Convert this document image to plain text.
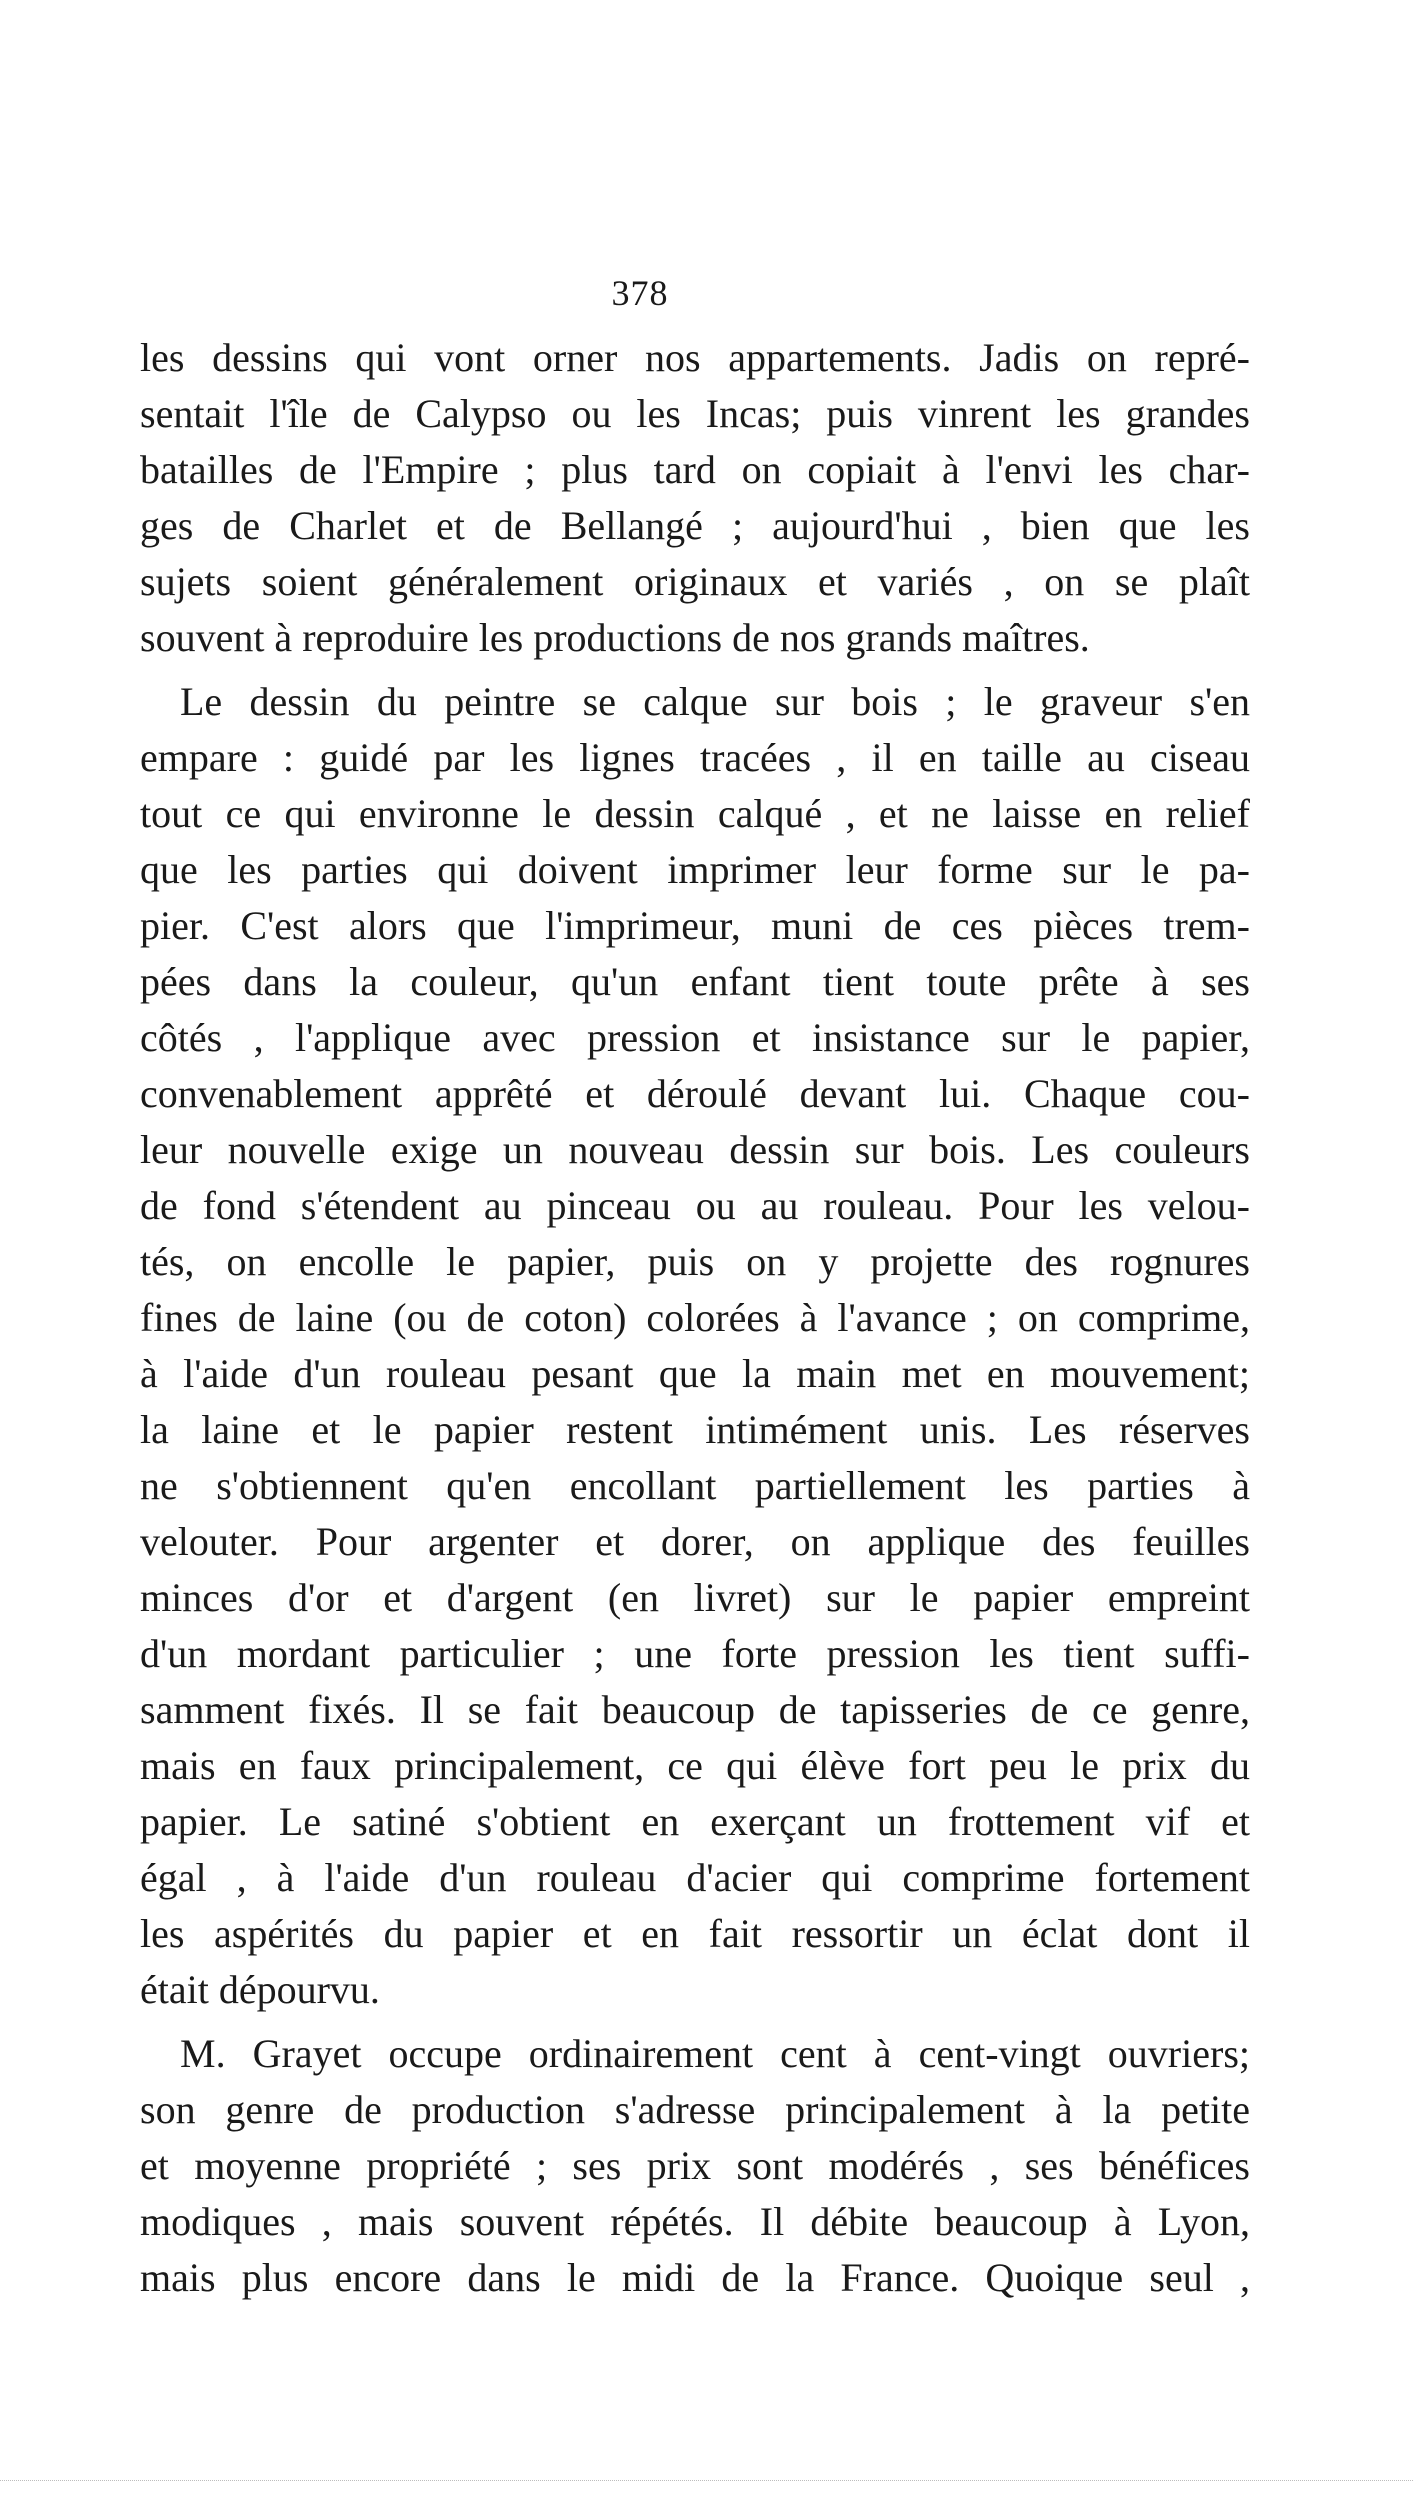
378
les dessins qui vont orner nos appartements. Jadis on repré-
sentait l'île de Calypso ou les Incas; puis vinrent les grandes
batailles de l'Empire ; plus tard on copiait à l'envi les char-
ges de Charlet et de Bellangé ; aujourd'hui , bien que les
sujets soient généralement originaux et variés , on se plaît
souvent à reproduire les productions de nos grands maîtres.
Le dessin du peintre se calque sur bois ; le graveur s'en
empare : guidé par les lignes tracées , il en taille au ciseau
tout ce qui environne le dessin calqué , et ne laisse en relief
que les parties qui doivent imprimer leur forme sur le pa-
pier. C'est alors que l'imprimeur, muni de ces pièces trem-
pées dans la couleur, qu'un enfant tient toute prête à ses
côtés , l'applique avec pression et insistance sur le papier,
convenablement apprêté et déroulé devant lui. Chaque cou-
leur nouvelle exige un nouveau dessin sur bois. Les couleurs
de fond s'étendent au pinceau ou au rouleau. Pour les velou-
tés, on encolle le papier, puis on y projette des rognures
fines de laine (ou de coton) colorées à l'avance ; on comprime,
à l'aide d'un rouleau pesant que la main met en mouvement;
la laine et le papier restent intimément unis. Les réserves
ne s'obtiennent qu'en encollant partiellement les parties à
velouter. Pour argenter et dorer, on applique des feuilles
minces d'or et d'argent (en livret) sur le papier empreint
d'un mordant particulier ; une forte pression les tient suffi-
samment fixés. Il se fait beaucoup de tapisseries de ce genre,
mais en faux principalement, ce qui élève fort peu le prix du
papier. Le satiné s'obtient en exerçant un frottement vif et
égal , à l'aide d'un rouleau d'acier qui comprime fortement
les aspérités du papier et en fait ressortir un éclat dont il
était dépourvu.
M. Grayet occupe ordinairement cent à cent-vingt ouvriers;
son genre de production s'adresse principalement à la petite
et moyenne propriété ; ses prix sont modérés , ses bénéfices
modiques , mais souvent répétés. Il débite beaucoup à Lyon,
mais plus encore dans le midi de la France. Quoique seul ,
